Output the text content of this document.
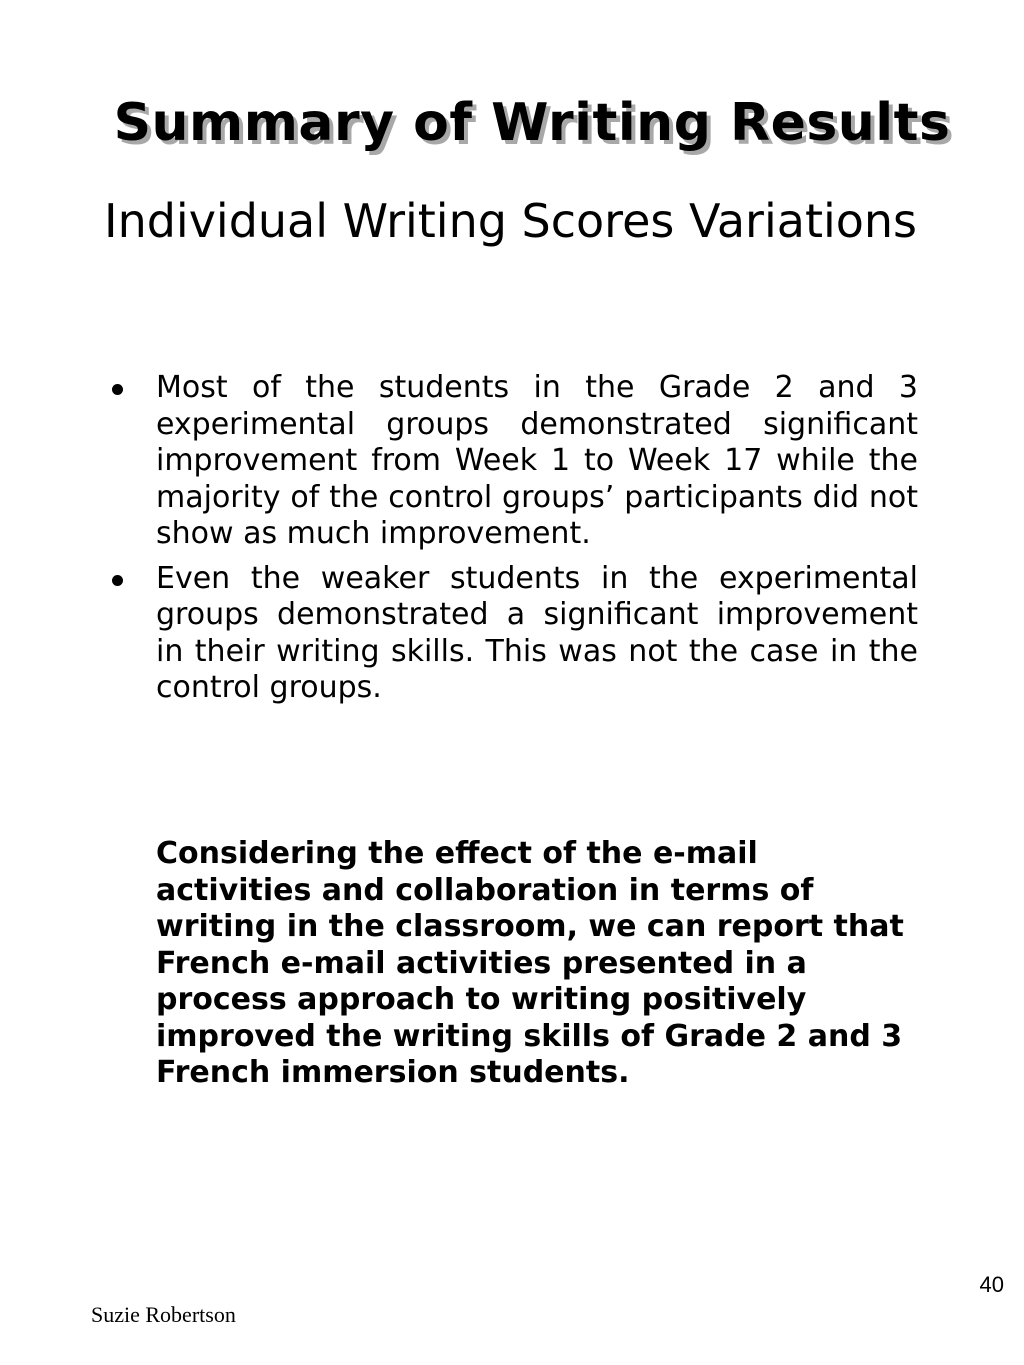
Summary of Writing Results

Individual Writing Scores Variations

Most of the students in the Grade 2 and 3 experimental groups demonstrated significant improvement from Week 1 to Week 17 while the majority of the control groups’ participants did not show as much improvement.
Even the weaker students in the experimental groups demonstrated a significant improvement in their writing skills. This was not the case in the control groups.

Considering the effect of the e-mail activities and collaboration in terms of writing in the classroom, we can report that French e-mail activities presented in a process approach to writing positively improved the writing skills of Grade 2 and 3 French immersion students.

40
Suzie Robertson
